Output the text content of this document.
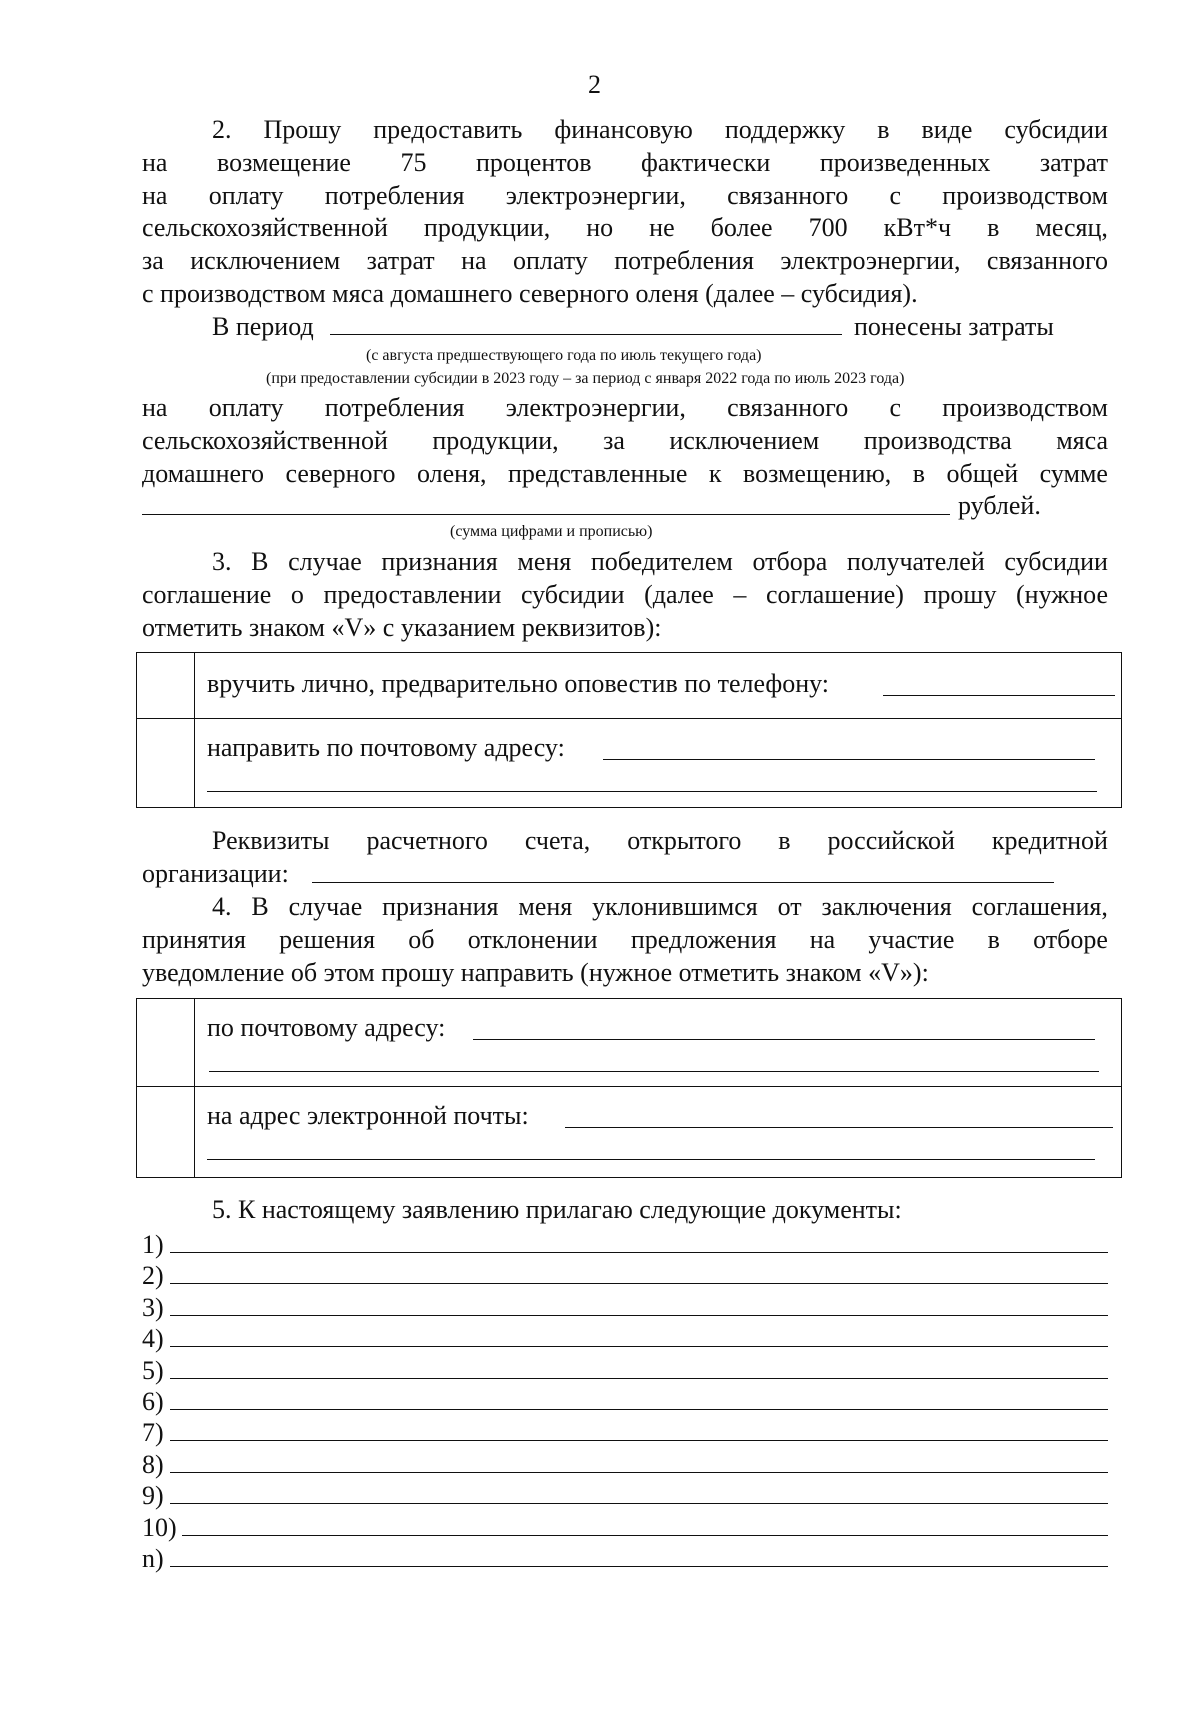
2
2. Прошу предоставить финансовую поддержку в виде субсидии
на возмещение 75 процентов фактически произведенных затрат
на оплату потребления электроэнергии, связанного с производством
сельскохозяйственной продукции, но не более 700 кВт*ч в месяц,
за исключением затрат на оплату потребления электроэнергии, связанного
с производством мяса домашнего северного оленя (далее – субсидия).
В период	понесены затраты
(с августа предшествующего года по июль текущего года)
(при предоставлении субсидии в 2023 году – за период с января 2022 года по июль 2023 года)
на оплату потребления электроэнергии, связанного с производством
сельскохозяйственной продукции, за исключением производства мяса
домашнего северного оленя, представленные к возмещению, в общей сумме
рублей.
(сумма цифрами и прописью)
3. В случае признания меня победителем отбора получателей субсидии
соглашение о предоставлении субсидии (далее – соглашение) прошу (нужное
отметить знаком «V» с указанием реквизитов):
вручить лично, предварительно оповестив по телефону:
направить по почтовому адресу:
Реквизиты расчетного счета, открытого в российской кредитной
организации:
4. В случае признания меня уклонившимся от заключения соглашения,
принятия решения об отклонении предложения на участие в отборе
уведомление об этом прошу направить (нужное отметить знаком «V»):
по почтовому адресу:
на адрес электронной почты:
5. К настоящему заявлению прилагаю следующие документы:
1)
2)
3)
4)
5)
6)
7)
8)
9)
10)
n)
